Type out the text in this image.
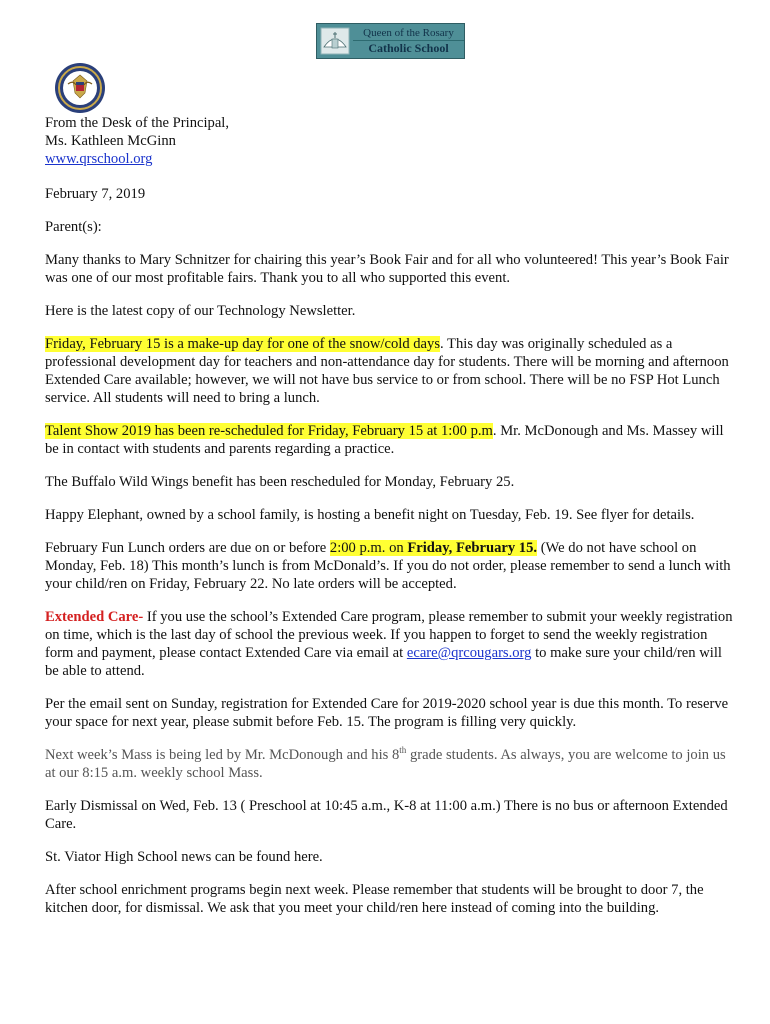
Queen of the Rosary
Catholic School

From the Desk of the Principal,

Ms. Kathleen McGinn

www.qrschool.org

February 7, 2019

Parent(s):

Many thanks to Mary Schnitzer for chairing this year’s Book Fair and for all who volunteered! This year’s Book Fair was one of our most profitable fairs. Thank you to all who supported this event.

Here is the latest copy of our Technology Newsletter.

Friday, February 15 is a make-up day for one of the snow/cold days. This day was originally scheduled as a professional development day for teachers and non-attendance day for students. There will be morning and afternoon Extended Care available; however, we will not have bus service to or from school. There will be no FSP Hot Lunch service. All students will need to bring a lunch.

Talent Show 2019 has been re-scheduled for Friday, February 15 at 1:00 p.m. Mr. McDonough and Ms. Massey will be in contact with students and parents regarding a practice.

The Buffalo Wild Wings benefit has been rescheduled for Monday, February 25.

Happy Elephant, owned by a school family, is hosting a benefit night on Tuesday, Feb. 19. See flyer for details.

February Fun Lunch orders are due on or before 2:00 p.m. on Friday, February 15. (We do not have school on Monday, Feb. 18) This month’s lunch is from McDonald’s. If you do not order, please remember to send a lunch with your child/ren on Friday, February 22. No late orders will be accepted.

Extended Care- If you use the school’s Extended Care program, please remember to submit your weekly registration on time, which is the last day of school the previous week. If you happen to forget to send the weekly registration form and payment, please contact Extended Care via email at ecare@qrcougars.org to make sure your child/ren will be able to attend.

Per the email sent on Sunday, registration for Extended Care for 2019-2020 school year is due this month. To reserve your space for next year, please submit before Feb. 15. The program is filling very quickly.

Next week’s Mass is being led by Mr. McDonough and his 8th grade students. As always, you are welcome to join us at our 8:15 a.m. weekly school Mass.

Early Dismissal on Wed, Feb. 13 ( Preschool at 10:45 a.m., K-8 at 11:00 a.m.) There is no bus or afternoon Extended Care.

St. Viator High School news can be found here.

After school enrichment programs begin next week. Please remember that students will be brought to door 7, the kitchen door, for dismissal. We ask that you meet your child/ren here instead of coming into the building.
